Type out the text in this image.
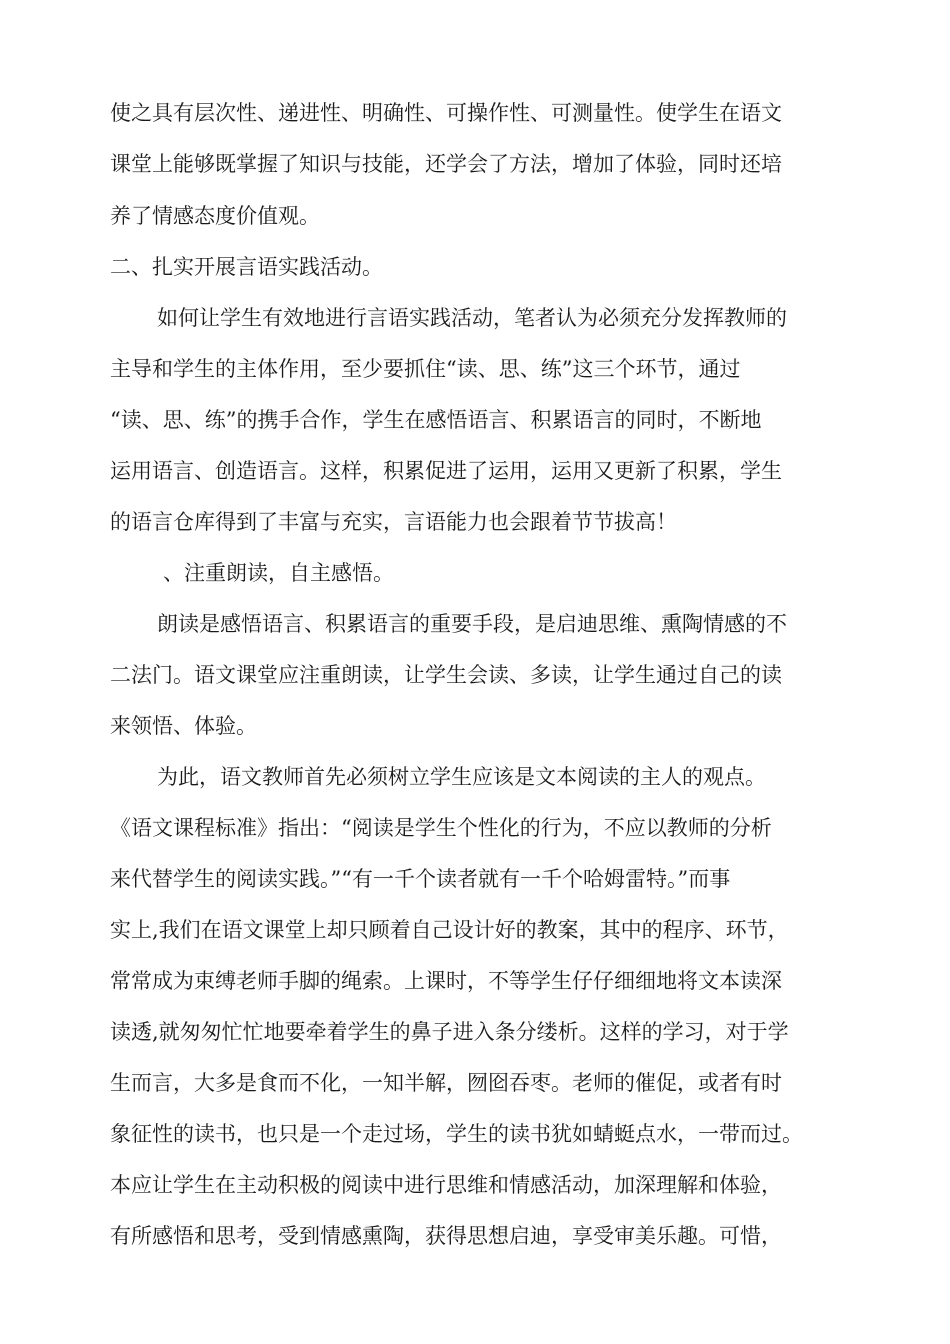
使之具有层次性、递进性、明确性、可操作性、可测量性。使学生在语文

课堂上能够既掌握了知识与技能，还学会了方法，增加了体验，同时还培

养了情感态度价值观。

二、扎实开展言语实践活动。

如何让学生有效地进行言语实践活动，笔者认为必须充分发挥教师的

主导和学生的主体作用，至少要抓住“读、思、练”这三个环节，通过

“读、思、练”的携手合作，学生在感悟语言、积累语言的同时，不断地

运用语言、创造语言。这样，积累促进了运用，运用又更新了积累，学生

的语言仓库得到了丰富与充实，言语能力也会跟着节节拔高！

、注重朗读，自主感悟。

朗读是感悟语言、积累语言的重要手段，是启迪思维、熏陶情感的不

二法门。语文课堂应注重朗读，让学生会读、多读，让学生通过自己的读

来领悟、体验。

为此，语文教师首先必须树立学生应该是文本阅读的主人的观点。

《语文课程标准》指出：“阅读是学生个性化的行为，不应以教师的分析

来代替学生的阅读实践。”“有一千个读者就有一千个哈姆雷特。”而事

实上,我们在语文课堂上却只顾着自己设计好的教案，其中的程序、环节，

常常成为束缚老师手脚的绳索。上课时，不等学生仔仔细细地将文本读深

读透,就匆匆忙忙地要牵着学生的鼻子进入条分缕析。这样的学习，对于学

生而言，大多是食而不化，一知半解，囫囵吞枣。老师的催促，或者有时

象征性的读书，也只是一个走过场，学生的读书犹如蜻蜓点水，一带而过。

本应让学生在主动积极的阅读中进行思维和情感活动，加深理解和体验，

有所感悟和思考，受到情感熏陶，获得思想启迪，享受审美乐趣。可惜，
